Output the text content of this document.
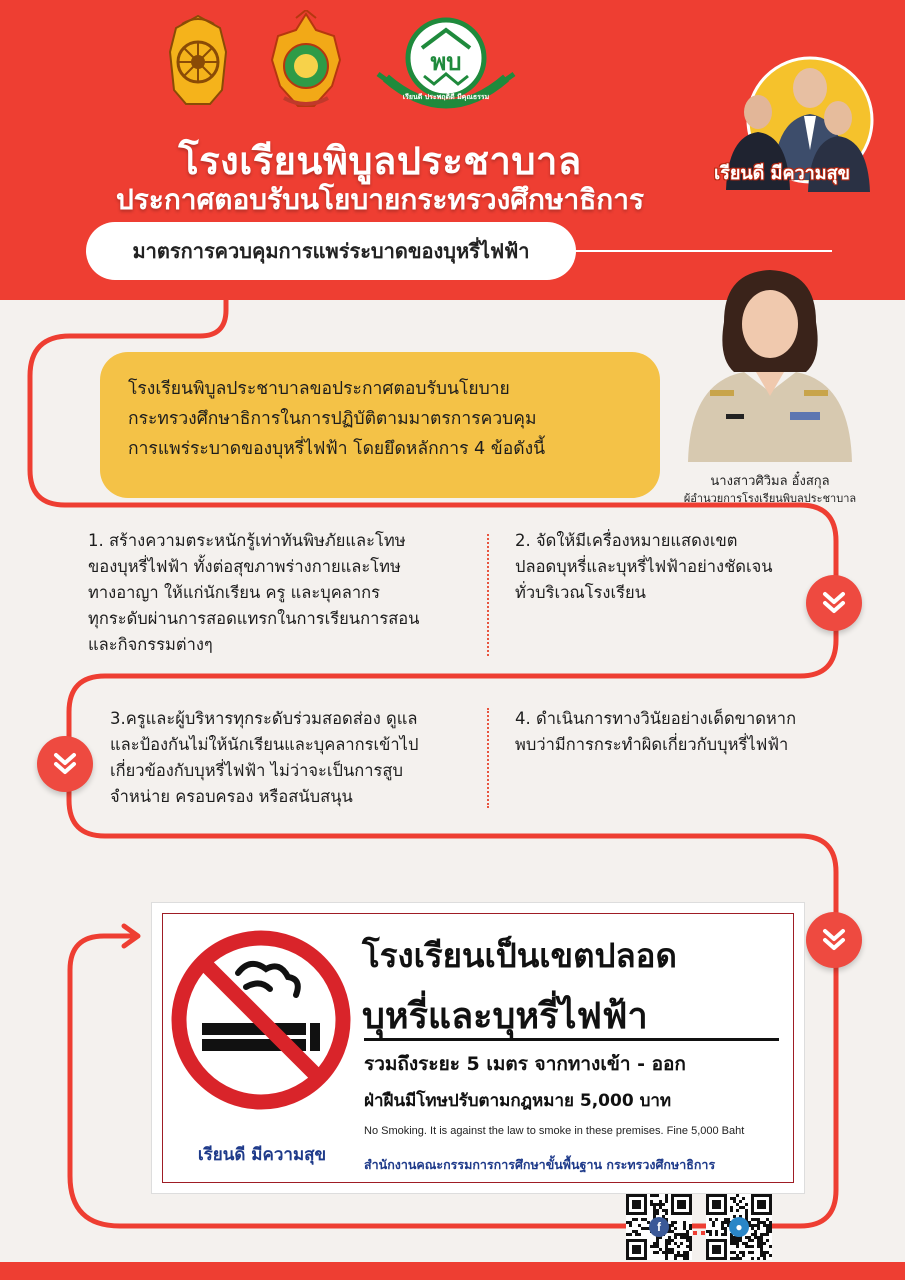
พบ
เรียนดี ประพฤติดี มีคุณธรรม
โรงเรียนพิบูลประชาบาล
ประกาศตอบรับนโยบายกระทรวงศึกษาธิการ
มาตรการควบคุมการแพร่ระบาดของบุหรี่ไฟฟ้า
เรียนดี มีความสุข
นางสาวศิวิมล อั๋งสกุล
ผู้อำนวยการโรงเรียนพิบูลประชาบาล
โรงเรียนพิบูลประชาบาลขอประกาศตอบรับนโยบาย
กระทรวงศึกษาธิการในการปฏิบัติตามมาตรการควบคุม
การแพร่ระบาดของบุหรี่ไฟฟ้า โดยยึดหลักการ 4 ข้อดังนี้
1. สร้างความตระหนักรู้เท่าทันพิษภัยและโทษ
ของบุหรี่ไฟฟ้า ทั้งต่อสุขภาพร่างกายและโทษ
ทางอาญา ให้แก่นักเรียน ครู และบุคลากร
ทุกระดับผ่านการสอดแทรกในการเรียนการสอน
และกิจกรรมต่างๆ
2. จัดให้มีเครื่องหมายแสดงเขต
ปลอดบุหรี่และบุหรี่ไฟฟ้าอย่างชัดเจน
ทั่วบริเวณโรงเรียน
3.ครูและผู้บริหารทุกระดับร่วมสอดส่อง ดูแล
และป้องกันไม่ให้นักเรียนและบุคลากรเข้าไป
เกี่ยวข้องกับบุหรี่ไฟฟ้า ไม่ว่าจะเป็นการสูบ
จำหน่าย ครอบครอง หรือสนับสนุน
4. ดำเนินการทางวินัยอย่างเด็ดขาดหาก
พบว่ามีการกระทำผิดเกี่ยวกับบุหรี่ไฟฟ้า
เรียนดี มีความสุข
โรงเรียนเป็นเขตปลอด
บุหรี่และบุหรี่ไฟฟ้า
รวมถึงระยะ 5 เมตร จากทางเข้า - ออก
ฝ่าฝืนมีโทษปรับตามกฎหมาย 5,000 บาท
No Smoking. It is against the law to smoke in these premises. Fine 5,000 Baht
สำนักงานคณะกรรมการการศึกษาขั้นพื้นฐาน กระทรวงศึกษาธิการ
f	●
